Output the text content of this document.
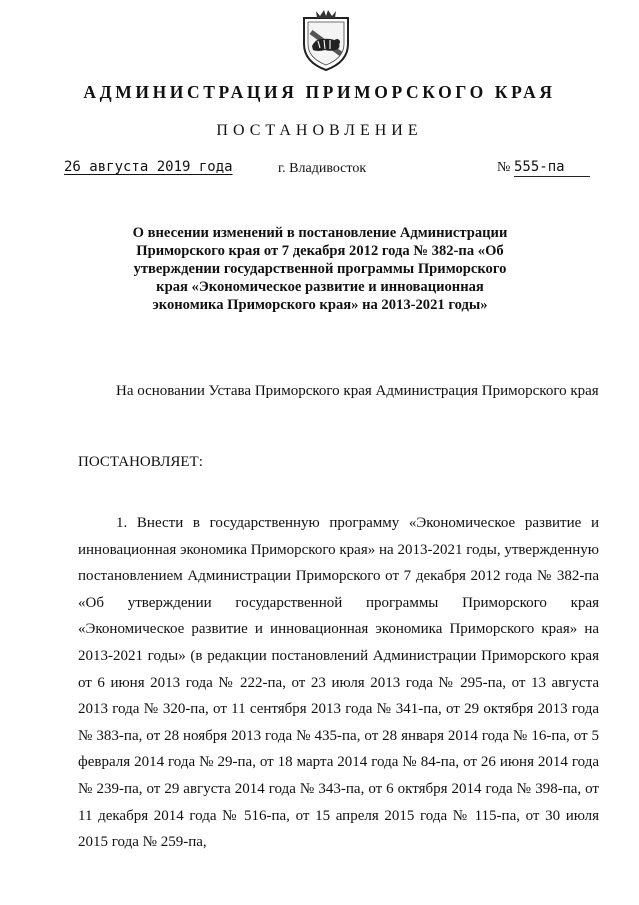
АДМИНИСТРАЦИЯ ПРИМОРСКОГО КРАЯ
ПОСТАНОВЛЕНИЕ
26 августа 2019 года	г. Владивосток	№ 555-па
О внесении изменений в постановление Администрации Приморского края от 7 декабря 2012 года № 382-па «Об утверждении государственной программы Приморского края «Экономическое развитие и инновационная экономика Приморского края» на 2013-2021 годы»
На основании Устава Приморского края Администрация Приморского края
ПОСТАНОВЛЯЕТ:
1. Внести в государственную программу «Экономическое развитие и инновационная экономика Приморского края» на 2013-2021 годы, утвержденную постановлением Администрации Приморского от 7 декабря 2012 года № 382-па «Об утверждении государственной программы Приморского края «Экономическое развитие и инновационная экономика Приморского края» на 2013-2021 годы» (в редакции постановлений Администрации Приморского края от 6 июня 2013 года № 222-па, от 23 июля 2013 года № 295-па, от 13 августа 2013 года № 320-па, от 11 сентября 2013 года № 341-па, от 29 октября 2013 года № 383-па, от 28 ноября 2013 года № 435-па, от 28 января 2014 года № 16-па, от 5 февраля 2014 года № 29-па, от 18 марта 2014 года № 84-па, от 26 июня 2014 года № 239-па, от 29 августа 2014 года № 343-па, от 6 октября 2014 года № 398-па, от 11 декабря 2014 года № 516-па, от 15 апреля 2015 года № 115-па, от 30 июля 2015 года № 259-па,
